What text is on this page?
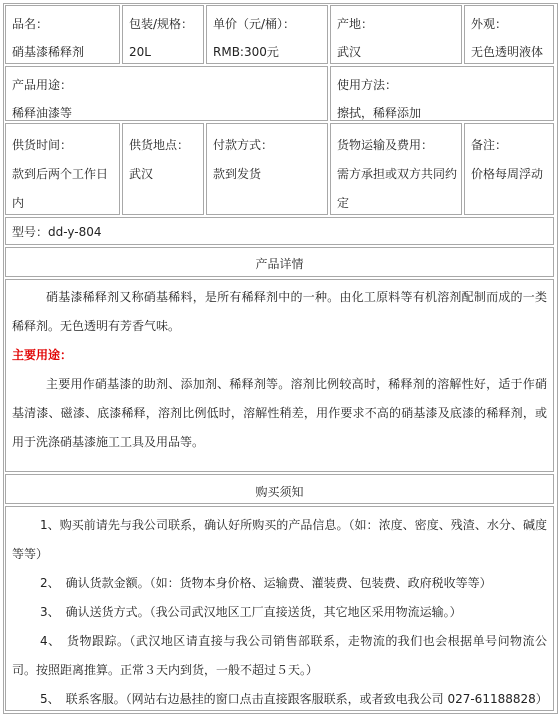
品名：
硝基漆稀释剂
包装/规格：
20L
单价（元/桶）：
RMB:300元
产地：
武汉
外观：
无色透明液体
产品用途：
稀释油漆等
使用方法：
擦拭，稀释添加
供货时间：
款到后两个工作日内
供货地点：
武汉
付款方式：
款到发货
货物运输及费用：
需方承担或双方共同约定
备注：
价格每周浮动
型号：dd-y-804
产品详情
硝基漆稀释剂又称硝基稀料，是所有稀释剂中的一种。由化工原料等有机溶剂配制而成的一类稀释剂。无色透明有芳香气味。
主要用途：
主要用作硝基漆的助剂、添加剂、稀释剂等。溶剂比例较高时，稀释剂的溶解性好，适于作硝基清漆、磁漆、底漆稀释，溶剂比例低时，溶解性稍差，用作要求不高的硝基漆及底漆的稀释剂，或用于洗涤硝基漆施工工具及用品等。
购买须知
1、购买前请先与我公司联系，确认好所购买的产品信息。（如：浓度、密度、残渣、水分、碱度等等）
2、　确认货款金额。（如：货物本身价格、运输费、灌装费、包装费、政府税收等等）
3、　确认送货方式。（我公司武汉地区工厂直接送货，其它地区采用物流运输。）
4、　货物跟踪。（武汉地区请直接与我公司销售部联系，走物流的我们也会根据单号问物流公司。按照距离推算。正常３天内到货，一般不超过５天。）
5、　联系客服。（网站右边悬挂的窗口点击直接跟客服联系，或者致电我公司 027-61188828）
